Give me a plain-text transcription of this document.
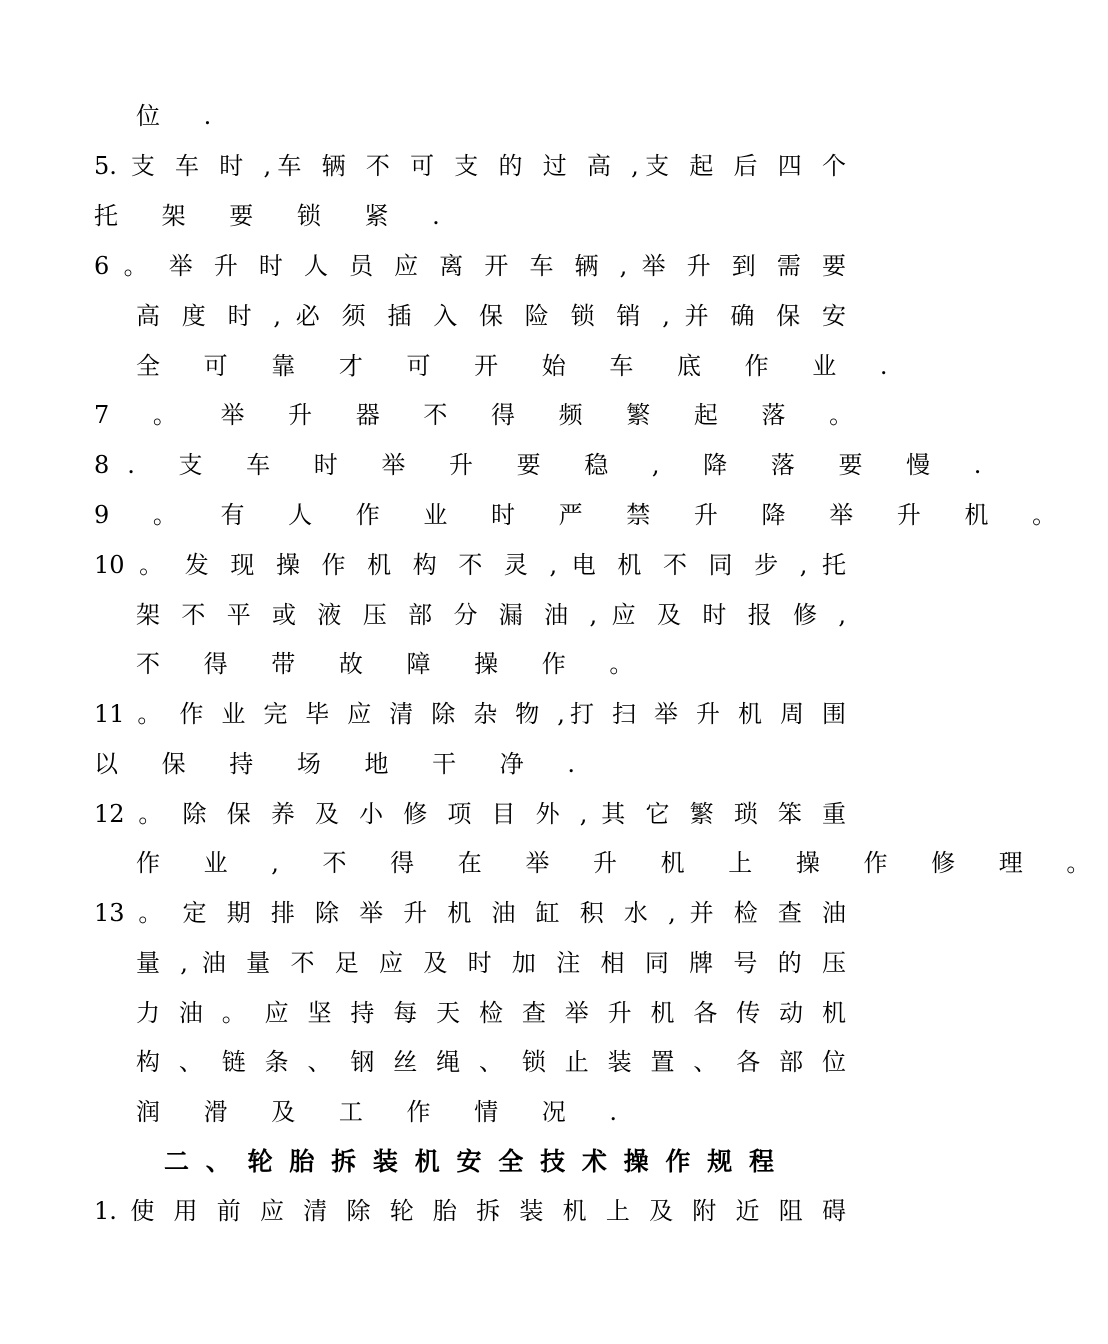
位 .
5. 支 车 时 ,车 辆 不 可 支 的 过 高 ,支 起 后 四 个
托 架 要 锁 紧 .
6 。 举 升 时 人 员 应 离 开 车 辆 , 举 升 到 需 要
高 度 时 , 必 须 插 入 保 险 锁 销 , 并 确 保 安
全 可 靠 才 可 开 始 车 底 作 业 .
7 。 举 升 器 不 得 频 繁 起 落 。
8. 支 车 时 举 升 要 稳 , 降 落 要 慢 .
9 。 有 人 作 业 时 严 禁 升 降 举 升 机 。
10 。 发 现 操 作 机 构 不 灵 , 电 机 不 同 步 , 托
架 不 平 或 液 压 部 分 漏 油 , 应 及 时 报 修 ,
不 得 带 故 障 操 作 。
11 。 作 业 完 毕 应 清 除 杂 物 ,打 扫 举 升 机 周 围
以 保 持 场 地 干 净 .
12 。 除 保 养 及 小 修 项 目 外 , 其 它 繁 琐 笨 重
作 业 , 不 得 在 举 升 机 上 操 作 修 理 。
13 。 定 期 排 除 举 升 机 油 缸 积 水 , 并 检 查 油
量 , 油 量 不 足 应 及 时 加 注 相 同 牌 号 的 压
力 油 。 应 坚 持 每 天 检 查 举 升 机 各 传 动 机
构 、 链 条 、 钢 丝 绳 、 锁 止 装 置 、 各 部 位
润 滑 及 工 作 情 况 .
二 、 轮 胎 拆 装 机 安 全 技 术 操 作 规 程
1. 使 用 前 应 清 除 轮 胎 拆 装 机 上 及 附 近 阻 碍
